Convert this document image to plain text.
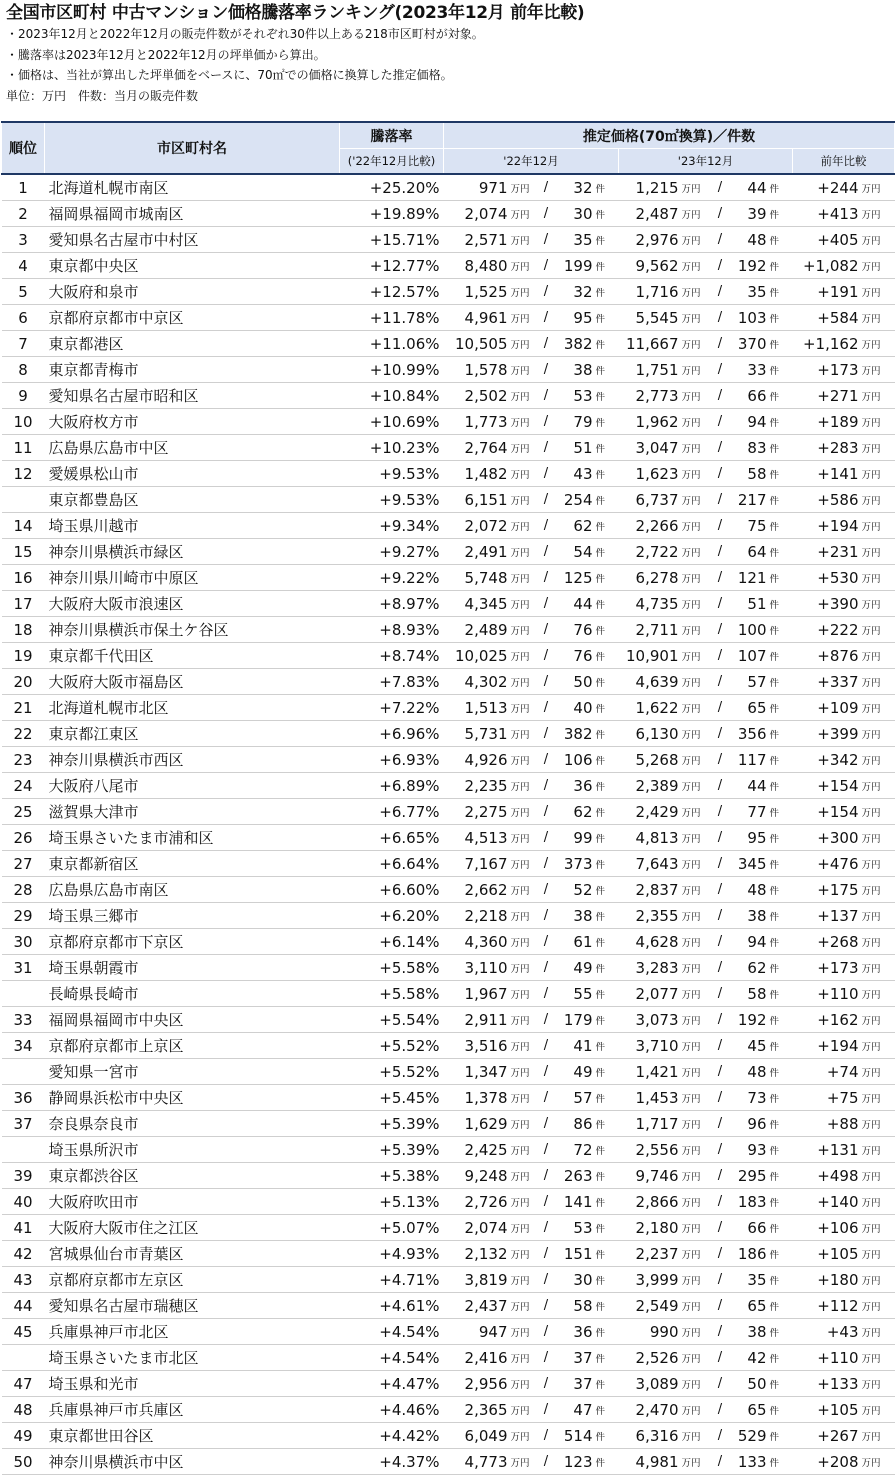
全国市区町村 中古マンション価格騰落率ランキング(2023年12月 前年比較)
・2023年12月と2022年12月の販売件数がそれぞれ30件以上ある218市区町村が対象。
・騰落率は2023年12月と2022年12月の坪単価から算出。
・価格は、当社が算出した坪単価をベースに、70㎡での価格に換算した推定価格。
単位：万円　件数：当月の販売件数
順位	市区町村名	騰落率	推定価格(70㎡換算)／件数											
		('22年12月比較)	'22年12月					'23年12月					前年比較	
1	北海道札幌市南区	+25.20%	971	万円	/	32	件	1,215	万円	/	44	件	+244	万円
2	福岡県福岡市城南区	+19.89%	2,074	万円	/	30	件	2,487	万円	/	39	件	+413	万円
3	愛知県名古屋市中村区	+15.71%	2,571	万円	/	35	件	2,976	万円	/	48	件	+405	万円
4	東京都中央区	+12.77%	8,480	万円	/	199	件	9,562	万円	/	192	件	+1,082	万円
5	大阪府和泉市	+12.57%	1,525	万円	/	32	件	1,716	万円	/	35	件	+191	万円
6	京都府京都市中京区	+11.78%	4,961	万円	/	95	件	5,545	万円	/	103	件	+584	万円
7	東京都港区	+11.06%	10,505	万円	/	382	件	11,667	万円	/	370	件	+1,162	万円
8	東京都青梅市	+10.99%	1,578	万円	/	38	件	1,751	万円	/	33	件	+173	万円
9	愛知県名古屋市昭和区	+10.84%	2,502	万円	/	53	件	2,773	万円	/	66	件	+271	万円
10	大阪府枚方市	+10.69%	1,773	万円	/	79	件	1,962	万円	/	94	件	+189	万円
11	広島県広島市中区	+10.23%	2,764	万円	/	51	件	3,047	万円	/	83	件	+283	万円
12	愛媛県松山市	+9.53%	1,482	万円	/	43	件	1,623	万円	/	58	件	+141	万円
	東京都豊島区	+9.53%	6,151	万円	/	254	件	6,737	万円	/	217	件	+586	万円
14	埼玉県川越市	+9.34%	2,072	万円	/	62	件	2,266	万円	/	75	件	+194	万円
15	神奈川県横浜市緑区	+9.27%	2,491	万円	/	54	件	2,722	万円	/	64	件	+231	万円
16	神奈川県川崎市中原区	+9.22%	5,748	万円	/	125	件	6,278	万円	/	121	件	+530	万円
17	大阪府大阪市浪速区	+8.97%	4,345	万円	/	44	件	4,735	万円	/	51	件	+390	万円
18	神奈川県横浜市保土ケ谷区	+8.93%	2,489	万円	/	76	件	2,711	万円	/	100	件	+222	万円
19	東京都千代田区	+8.74%	10,025	万円	/	76	件	10,901	万円	/	107	件	+876	万円
20	大阪府大阪市福島区	+7.83%	4,302	万円	/	50	件	4,639	万円	/	57	件	+337	万円
21	北海道札幌市北区	+7.22%	1,513	万円	/	40	件	1,622	万円	/	65	件	+109	万円
22	東京都江東区	+6.96%	5,731	万円	/	382	件	6,130	万円	/	356	件	+399	万円
23	神奈川県横浜市西区	+6.93%	4,926	万円	/	106	件	5,268	万円	/	117	件	+342	万円
24	大阪府八尾市	+6.89%	2,235	万円	/	36	件	2,389	万円	/	44	件	+154	万円
25	滋賀県大津市	+6.77%	2,275	万円	/	62	件	2,429	万円	/	77	件	+154	万円
26	埼玉県さいたま市浦和区	+6.65%	4,513	万円	/	99	件	4,813	万円	/	95	件	+300	万円
27	東京都新宿区	+6.64%	7,167	万円	/	373	件	7,643	万円	/	345	件	+476	万円
28	広島県広島市南区	+6.60%	2,662	万円	/	52	件	2,837	万円	/	48	件	+175	万円
29	埼玉県三郷市	+6.20%	2,218	万円	/	38	件	2,355	万円	/	38	件	+137	万円
30	京都府京都市下京区	+6.14%	4,360	万円	/	61	件	4,628	万円	/	94	件	+268	万円
31	埼玉県朝霞市	+5.58%	3,110	万円	/	49	件	3,283	万円	/	62	件	+173	万円
	長崎県長崎市	+5.58%	1,967	万円	/	55	件	2,077	万円	/	58	件	+110	万円
33	福岡県福岡市中央区	+5.54%	2,911	万円	/	179	件	3,073	万円	/	192	件	+162	万円
34	京都府京都市上京区	+5.52%	3,516	万円	/	41	件	3,710	万円	/	45	件	+194	万円
	愛知県一宮市	+5.52%	1,347	万円	/	49	件	1,421	万円	/	48	件	+74	万円
36	静岡県浜松市中央区	+5.45%	1,378	万円	/	57	件	1,453	万円	/	73	件	+75	万円
37	奈良県奈良市	+5.39%	1,629	万円	/	86	件	1,717	万円	/	96	件	+88	万円
	埼玉県所沢市	+5.39%	2,425	万円	/	72	件	2,556	万円	/	93	件	+131	万円
39	東京都渋谷区	+5.38%	9,248	万円	/	263	件	9,746	万円	/	295	件	+498	万円
40	大阪府吹田市	+5.13%	2,726	万円	/	141	件	2,866	万円	/	183	件	+140	万円
41	大阪府大阪市住之江区	+5.07%	2,074	万円	/	53	件	2,180	万円	/	66	件	+106	万円
42	宮城県仙台市青葉区	+4.93%	2,132	万円	/	151	件	2,237	万円	/	186	件	+105	万円
43	京都府京都市左京区	+4.71%	3,819	万円	/	30	件	3,999	万円	/	35	件	+180	万円
44	愛知県名古屋市瑞穂区	+4.61%	2,437	万円	/	58	件	2,549	万円	/	65	件	+112	万円
45	兵庫県神戸市北区	+4.54%	947	万円	/	36	件	990	万円	/	38	件	+43	万円
	埼玉県さいたま市北区	+4.54%	2,416	万円	/	37	件	2,526	万円	/	42	件	+110	万円
47	埼玉県和光市	+4.47%	2,956	万円	/	37	件	3,089	万円	/	50	件	+133	万円
48	兵庫県神戸市兵庫区	+4.46%	2,365	万円	/	47	件	2,470	万円	/	65	件	+105	万円
49	東京都世田谷区	+4.42%	6,049	万円	/	514	件	6,316	万円	/	529	件	+267	万円
50	神奈川県横浜市中区	+4.37%	4,773	万円	/	123	件	4,981	万円	/	133	件	+208	万円
